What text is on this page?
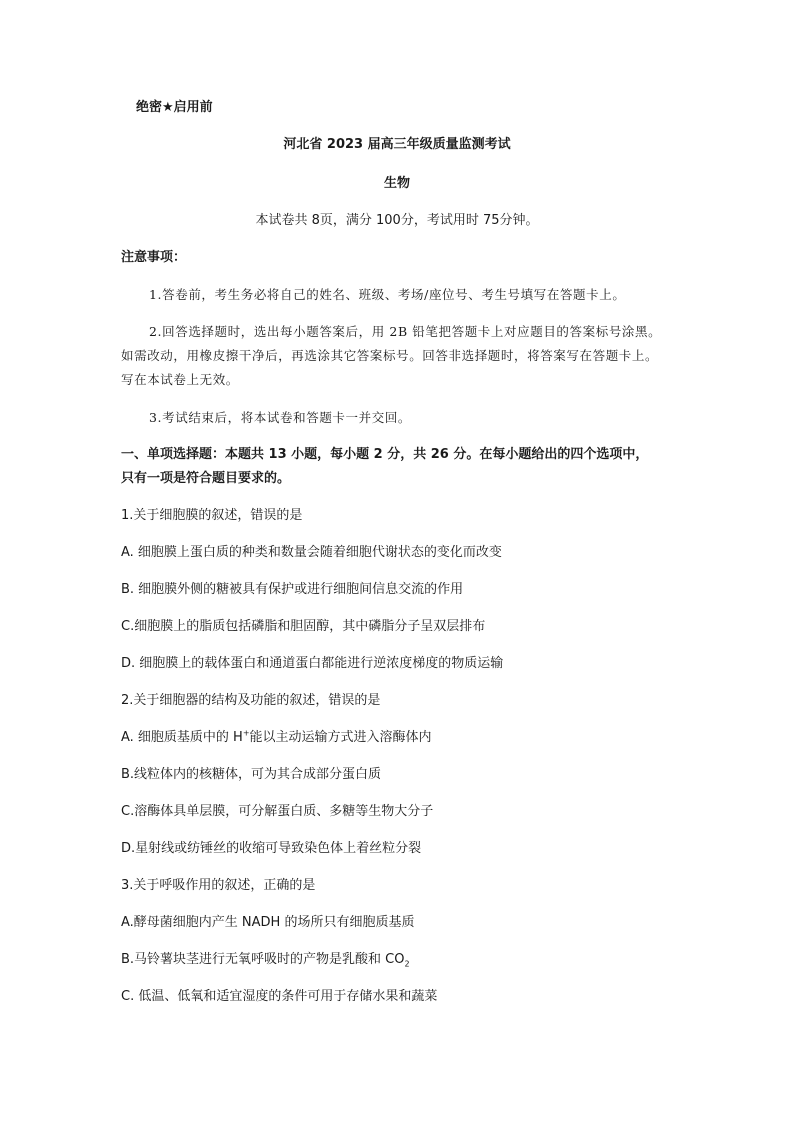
绝密★启用前
河北省 2023 届高三年级质量监测考试
生物
本试卷共 8页，满分 100分，考试用时 75分钟。
注意事项：
1.答卷前，考生务必将自己的姓名、班级、考场/座位号、考生号填写在答题卡上。
2.回答选择题时，选出每小题答案后，用 2B 铅笔把答题卡上对应题目的答案标号涂黑。
如需改动，用橡皮擦干净后，再选涂其它答案标号。回答非选择题时，将答案写在答题卡上。
写在本试卷上无效。
3.考试结束后，将本试卷和答题卡一并交回。
一、单项选择题：本题共 13 小题，每小题 2 分，共 26 分。在每小题给出的四个选项中，
只有一项是符合题目要求的。
1.关于细胞膜的叙述，错误的是
A. 细胞膜上蛋白质的种类和数量会随着细胞代谢状态的变化而改变
B. 细胞膜外侧的糖被具有保护或进行细胞间信息交流的作用
C.细胞膜上的脂质包括磷脂和胆固醇，其中磷脂分子呈双层排布
D. 细胞膜上的载体蛋白和通道蛋白都能进行逆浓度梯度的物质运输
2.关于细胞器的结构及功能的叙述，错误的是
A. 细胞质基质中的 H+能以主动运输方式进入溶酶体内
B.线粒体内的核糖体，可为其合成部分蛋白质
C.溶酶体具单层膜，可分解蛋白质、多糖等生物大分子
D.星射线或纺锤丝的收缩可导致染色体上着丝粒分裂
3.关于呼吸作用的叙述，正确的是
A.酵母菌细胞内产生 NADH 的场所只有细胞质基质
B.马铃薯块茎进行无氧呼吸时的产物是乳酸和 $CO_2$
C. 低温、低氧和适宜湿度的条件可用于存储水果和蔬菜
